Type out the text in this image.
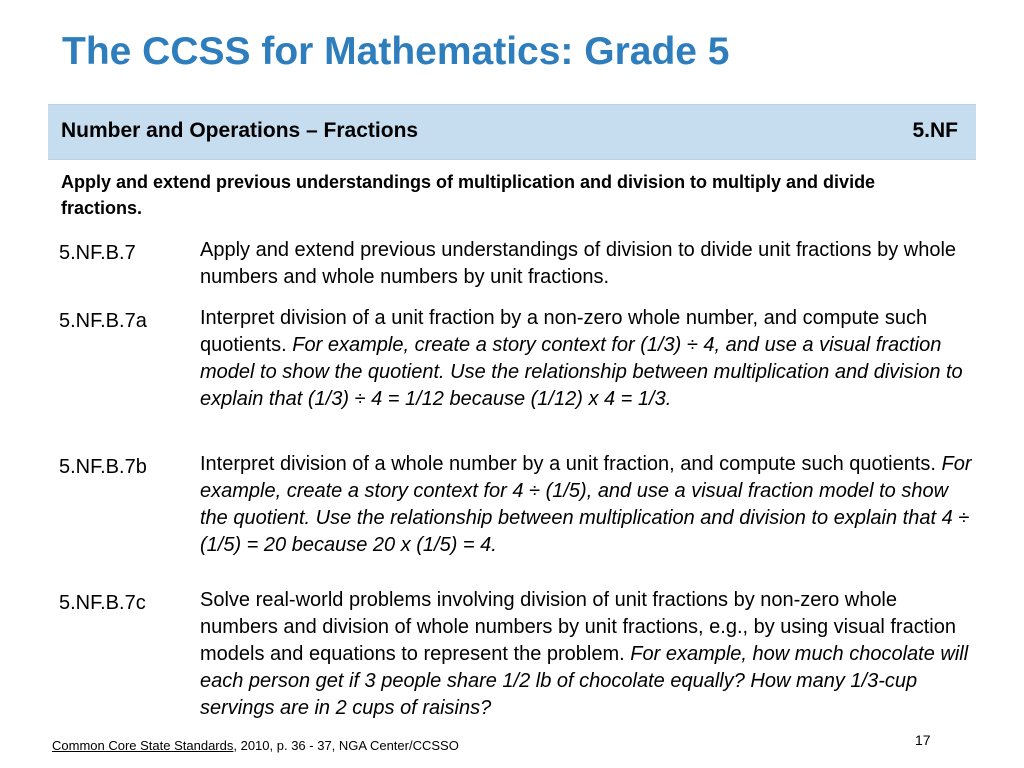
The CCSS for Mathematics: Grade 5
Number and Operations – Fractions	5.NF
Apply and extend previous understandings of multiplication and division to multiply and divide fractions.
5.NF.B.7	Apply and extend previous understandings of division to divide unit fractions by whole numbers and whole numbers by unit fractions.
5.NF.B.7a	Interpret division of a unit fraction by a non-zero whole number, and compute such quotients. For example, create a story context for (1/3) ÷ 4, and use a visual fraction model to show the quotient. Use the relationship between multiplication and division to explain that (1/3) ÷ 4 = 1/12 because (1/12) x 4 = 1/3.
5.NF.B.7b	Interpret division of a whole number by a unit fraction, and compute such quotients. For example, create a story context for 4 ÷ (1/5), and use a visual fraction model to show the quotient. Use the relationship between multiplication and division to explain that 4 ÷ (1/5) = 20 because 20 x (1/5) = 4.
5.NF.B.7c	Solve real-world problems involving division of unit fractions by non-zero whole numbers and division of whole numbers by unit fractions, e.g., by using visual fraction models and equations to represent the problem. For example, how much chocolate will each person get if 3 people share 1/2 lb of chocolate equally? How many 1/3-cup servings are in 2 cups of raisins?
Common Core State Standards, 2010, p. 36 - 37, NGA Center/CCSSO	17
